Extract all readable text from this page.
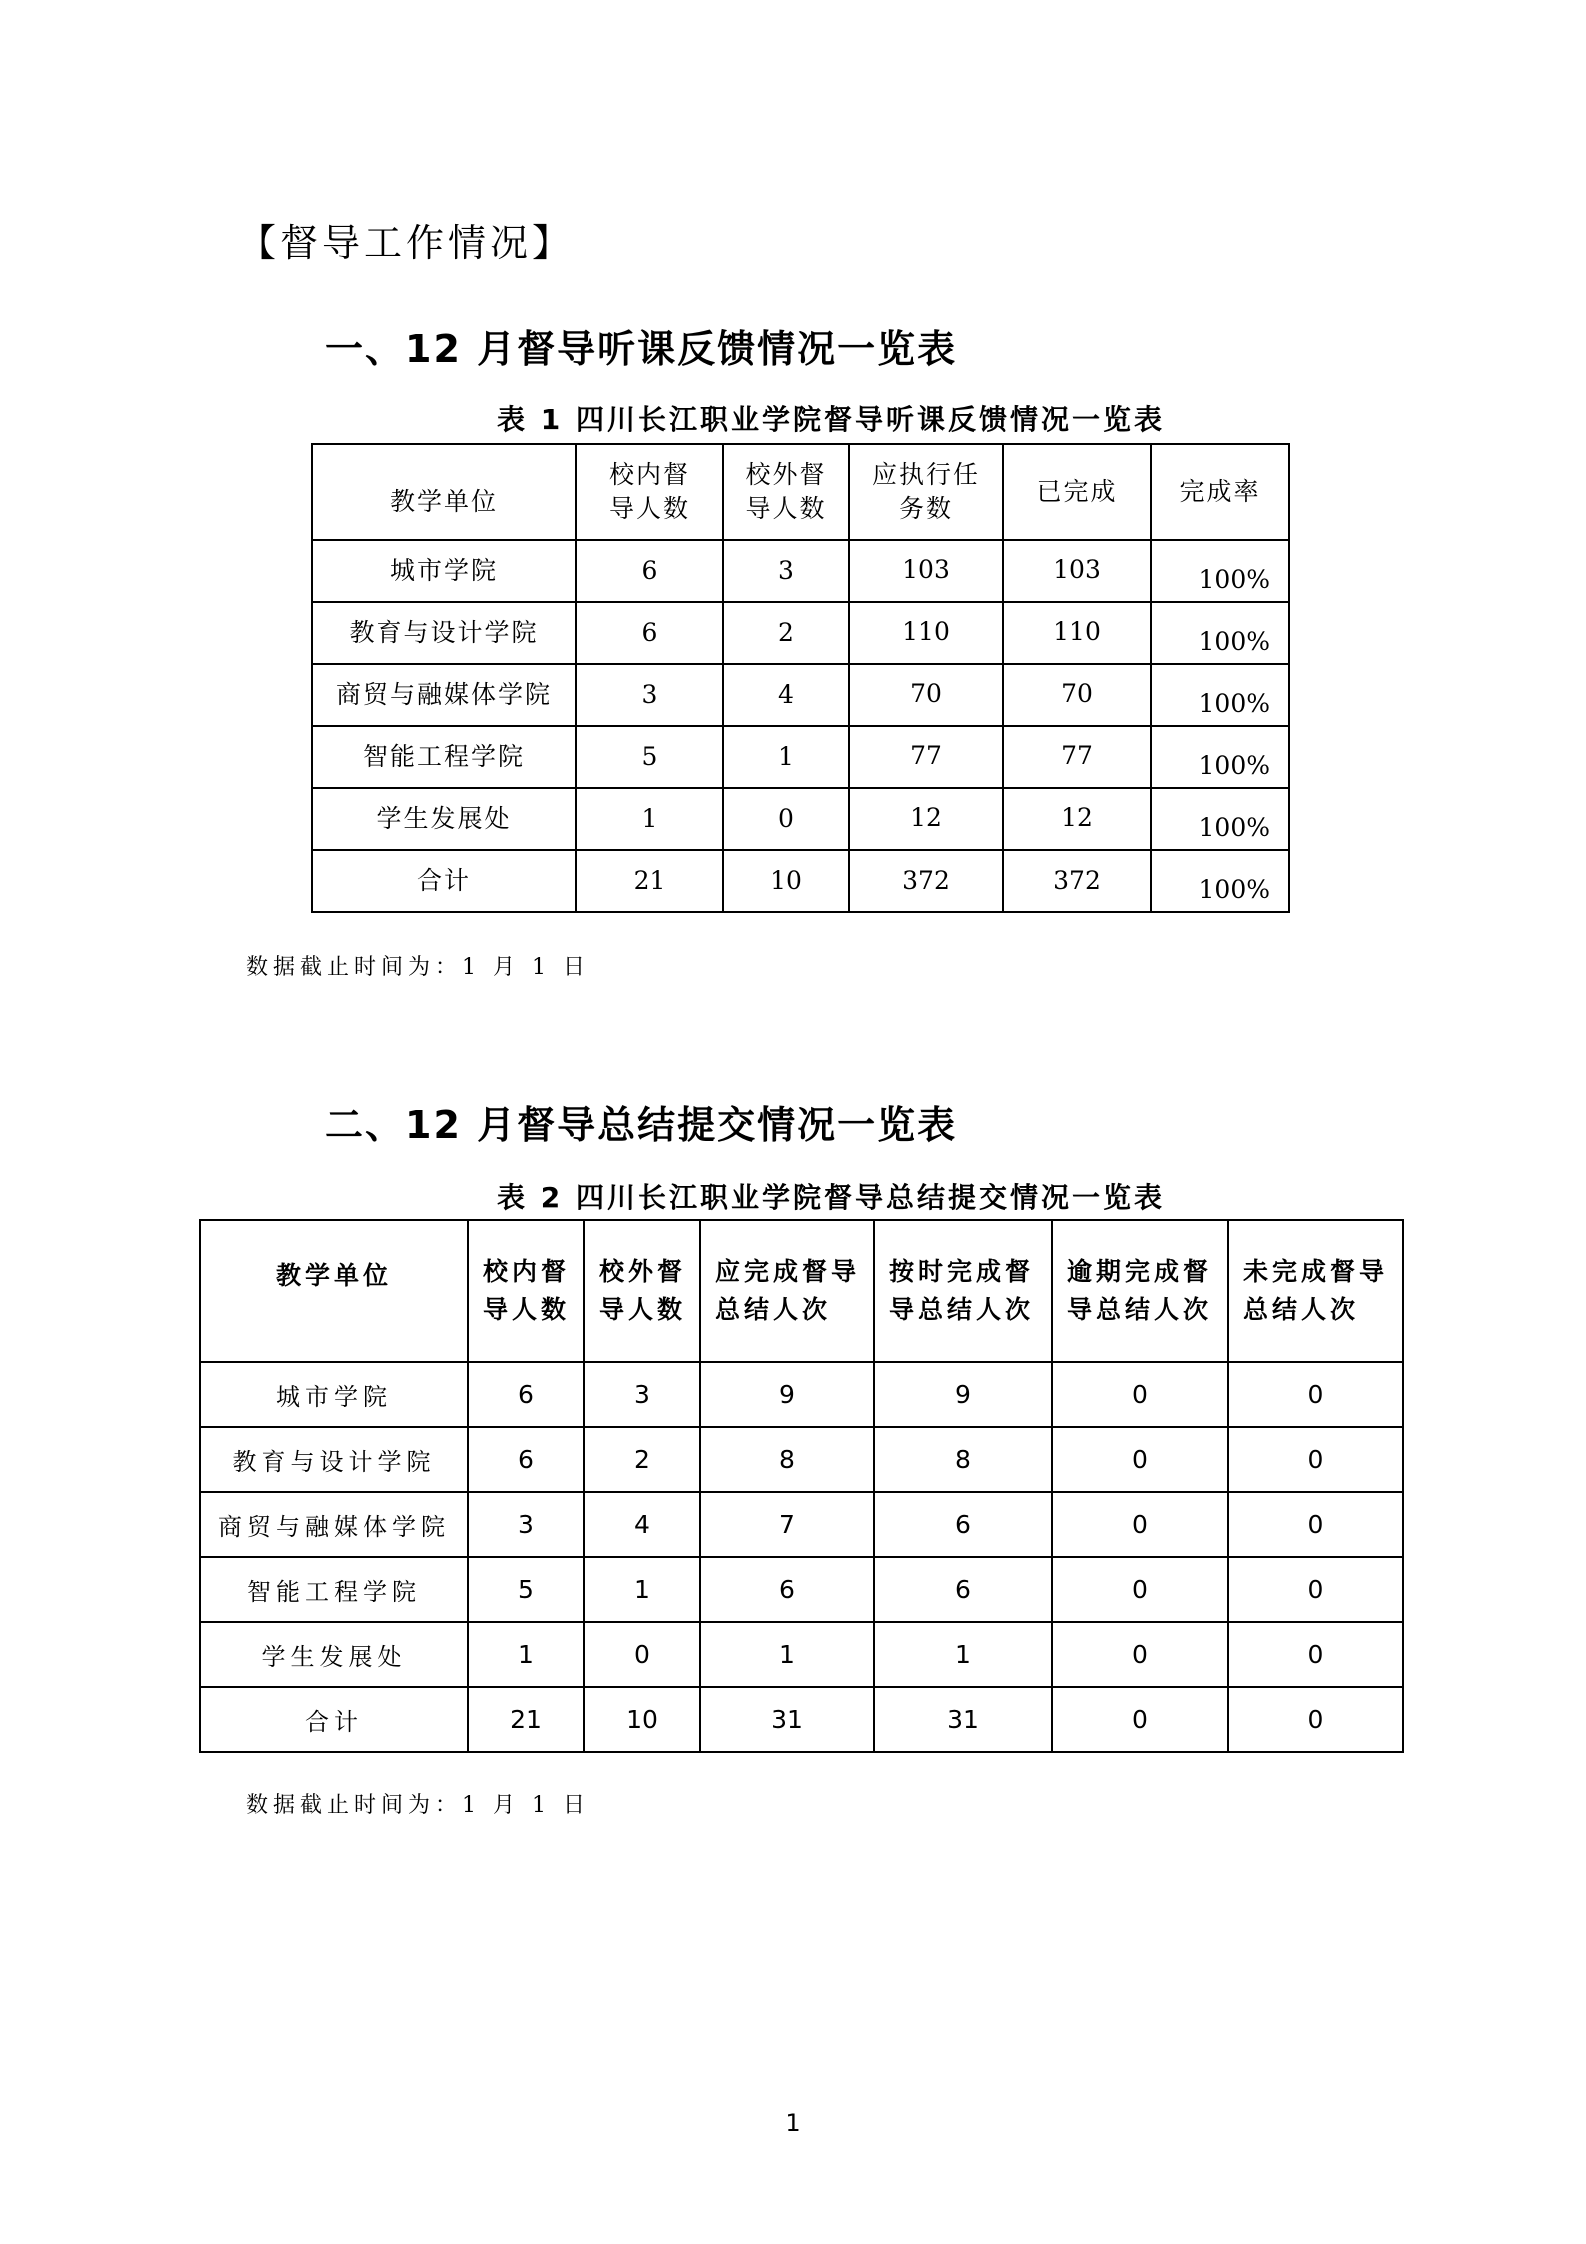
【督导工作情况】
一、12 月督导听课反馈情况一览表
表 1 四川长江职业学院督导听课反馈情况一览表
教学单位	校内督导人数	校外督导人数	应执行任务数	已完成	完成率
城市学院	6	3	103	103	100%
教育与设计学院	6	2	110	110	100%
商贸与融媒体学院	3	4	70	70	100%
智能工程学院	5	1	77	77	100%
学生发展处	1	0	12	12	100%
合计	21	10	372	372	100%
数据截止时间为：1 月 1 日
二、12 月督导总结提交情况一览表
表 2 四川长江职业学院督导总结提交情况一览表
教学单位	校内督导人数	校外督导人数	应完成督导总结人次	按时完成督导总结人次	逾期完成督导总结人次	未完成督导总结人次

城市学院	6	3	9	9	0	0
教育与设计学院	6	2	8	8	0	0
商贸与融媒体学院	3	4	7	6	0	0
智能工程学院	5	1	6	6	0	0
学生发展处	1	0	1	1	0	0
合计	21	10	31	31	0	0
数据截止时间为：1 月 1 日
1
